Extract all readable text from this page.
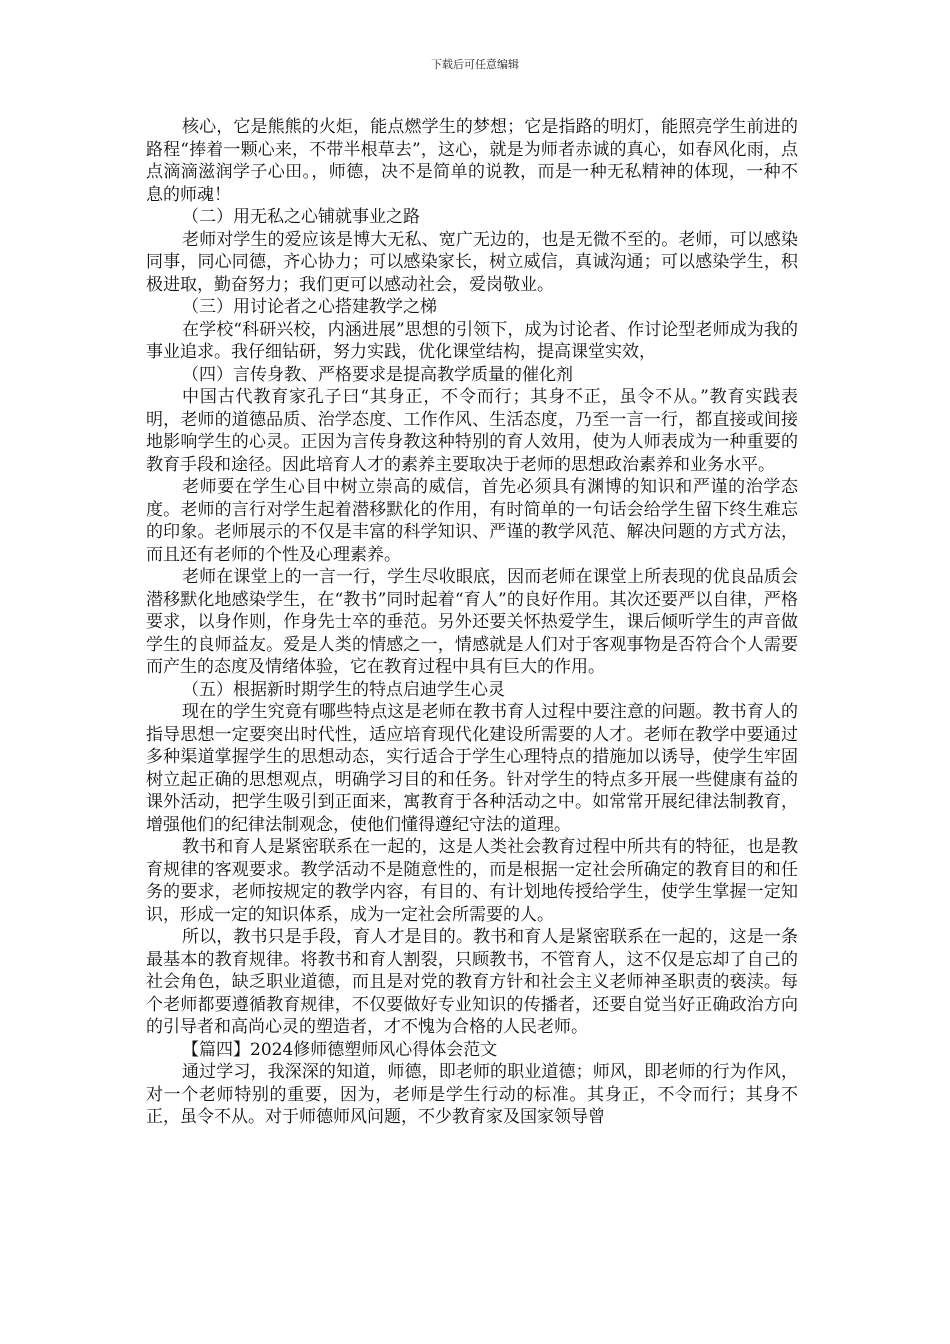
下载后可任意编辑

核心，它是熊熊的火炬，能点燃学生的梦想；它是指路的明灯，能照亮学生前进的路程“捧着一颗心来，不带半根草去”，这心，就是为师者赤诚的真心，如春风化雨，点点滴滴滋润学子心田。，师德，决不是简单的说教，而是一种无私精神的体现，一种不息的师魂！

（二）用无私之心铺就事业之路

老师对学生的爱应该是博大无私、宽广无边的，也是无微不至的。老师，可以感染同事，同心同德，齐心协力；可以感染家长，树立威信，真诚沟通；可以感染学生，积极进取，勤奋努力；我们更可以感动社会，爱岗敬业。

（三）用讨论者之心搭建教学之梯

在学校“科研兴校，内涵进展”思想的引领下，成为讨论者、作讨论型老师成为我的事业追求。我仔细钻研，努力实践，优化课堂结构，提高课堂实效，

（四）言传身教、严格要求是提高教学质量的催化剂

中国古代教育家孔子曰“其身正，不令而行；其身不正，虽令不从。”教育实践表明，老师的道德品质、治学态度、工作作风、生活态度，乃至一言一行，都直接或间接地影响学生的心灵。正因为言传身教这种特别的育人效用，使为人师表成为一种重要的教育手段和途径。因此培育人才的素养主要取决于老师的思想政治素养和业务水平。

老师要在学生心目中树立崇高的威信，首先必须具有渊博的知识和严谨的治学态度。老师的言行对学生起着潜移默化的作用，有时简单的一句话会给学生留下终生难忘的印象。老师展示的不仅是丰富的科学知识、严谨的教学风范、解决问题的方式方法，而且还有老师的个性及心理素养。

老师在课堂上的一言一行，学生尽收眼底，因而老师在课堂上所表现的优良品质会潜移默化地感染学生，在“教书”同时起着“育人”的良好作用。其次还要严以自律，严格要求，以身作则，作身先士卒的垂范。另外还要关怀热爱学生，课后倾听学生的声音做学生的良师益友。爱是人类的情感之一，情感就是人们对于客观事物是否符合个人需要而产生的态度及情绪体验，它在教育过程中具有巨大的作用。

（五）根据新时期学生的特点启迪学生心灵

现在的学生究竟有哪些特点这是老师在教书育人过程中要注意的问题。教书育人的指导思想一定要突出时代性，适应培育现代化建设所需要的人才。老师在教学中要通过多种渠道掌握学生的思想动态，实行适合于学生心理特点的措施加以诱导，使学生牢固树立起正确的思想观点，明确学习目的和任务。针对学生的特点多开展一些健康有益的课外活动，把学生吸引到正面来，寓教育于各种活动之中。如常常开展纪律法制教育，增强他们的纪律法制观念，使他们懂得遵纪守法的道理。

教书和育人是紧密联系在一起的，这是人类社会教育过程中所共有的特征，也是教育规律的客观要求。教学活动不是随意性的，而是根据一定社会所确定的教育目的和任务的要求，老师按规定的教学内容，有目的、有计划地传授给学生，使学生掌握一定知识，形成一定的知识体系，成为一定社会所需要的人。

所以，教书只是手段，育人才是目的。教书和育人是紧密联系在一起的，这是一条最基本的教育规律。将教书和育人割裂，只顾教书，不管育人，这不仅是忘却了自己的社会角色，缺乏职业道德，而且是对党的教育方针和社会主义老师神圣职责的亵渎。每个老师都要遵循教育规律，不仅要做好专业知识的传播者，还要自觉当好正确政治方向的引导者和高尚心灵的塑造者，才不愧为合格的人民老师。

【篇四】2024修师德塑师风心得体会范文

通过学习，我深深的知道，师德，即老师的职业道德；师风，即老师的行为作风，对一个老师特别的重要，因为，老师是学生行动的标准。其身正，不令而行；其身不正，虽令不从。对于师德师风问题，不少教育家及国家领导曾
